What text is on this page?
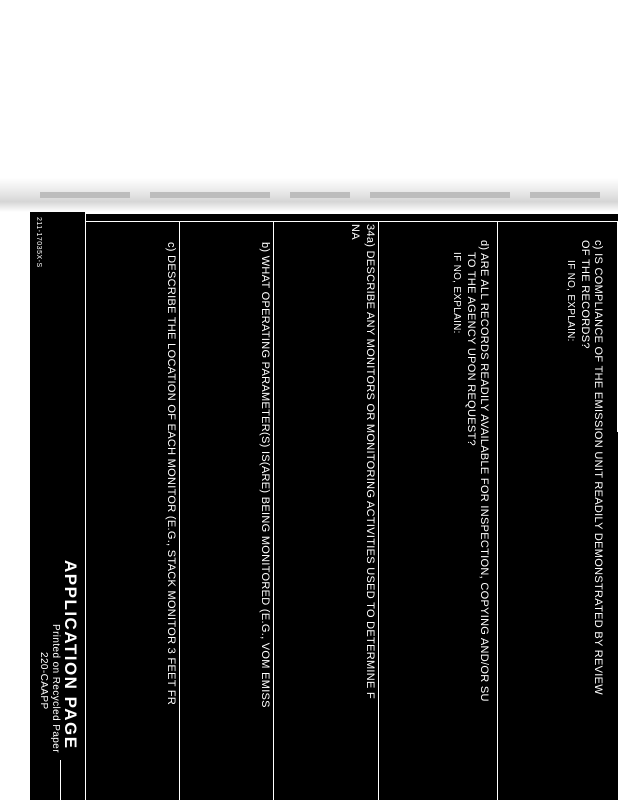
c) IS COMPLIANCE OF THE EMISSION UNIT READILY DEMONSTRATED BY REVIEW
OF THE RECORDS?
IF NO, EXPLAIN:
d) ARE ALL RECORDS READILY AVAILABLE FOR INSPECTION, COPYING AND/OR SU
TO THE AGENCY UPON REQUEST?
IF NO, EXPLAIN:
34a) DESCRIBE ANY MONITORS OR MONITORING ACTIVITIES USED TO DETERMINE F
NA
b) WHAT OPERATING PARAMETER(S) IS(ARE) BEING MONITORED (E.G., VOM EMISS
c) DESCRIBE THE LOCATION OF EACH MONITOR (E.G., STACK MONITOR 3 FEET FR
211-17035X-S
APPLICATION PAGE
Printed on Recycled Paper
220-CAAPP
